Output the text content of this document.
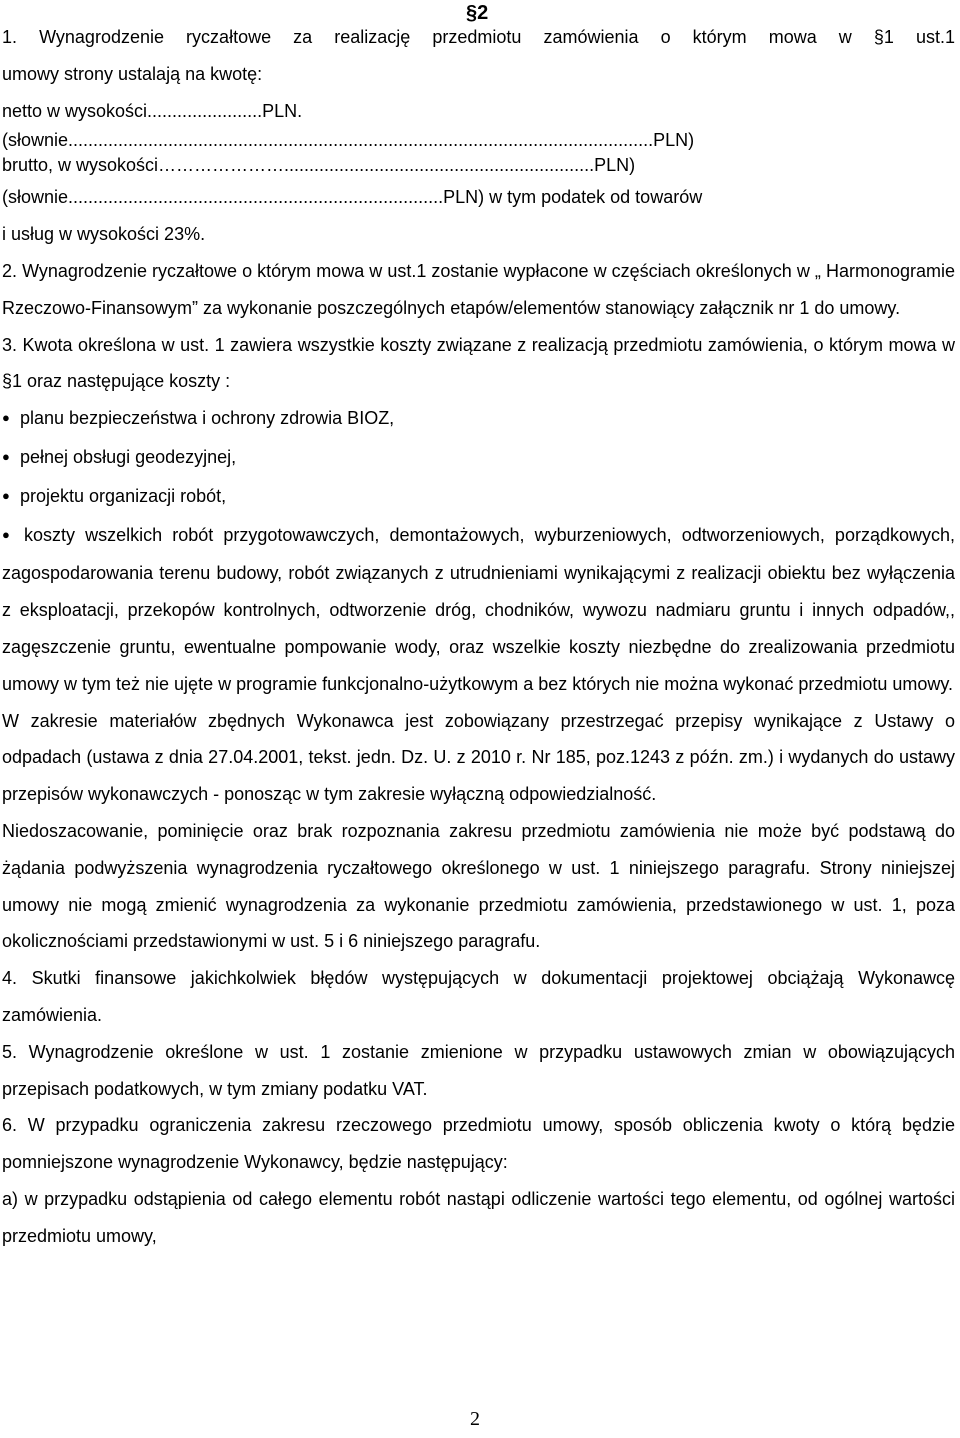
§2

1. Wynagrodzenie ryczałtowe za realizację przedmiotu zamówienia o którym mowa w §1 ust.1

umowy strony ustalają na kwotę:

netto w wysokości.......................PLN.

(słownie.....................................................................................................................PLN)

brutto, w wysokości…………………..............................................................PLN)

(słownie...........................................................................PLN) w tym podatek od towarów

i usług w wysokości 23%.

2. Wynagrodzenie ryczałtowe o którym mowa w ust.1 zostanie wypłacone w częściach określonych w „ Harmonogramie Rzeczowo-Finansowym” za wykonanie poszczególnych etapów/elementów stanowiący załącznik nr 1 do umowy.

3. Kwota określona w ust. 1 zawiera wszystkie koszty związane z realizacją przedmiotu zamówienia, o którym mowa w §1 oraz następujące koszty :

● planu bezpieczeństwa i ochrony zdrowia BIOZ,

● pełnej obsługi geodezyjnej,

● projektu organizacji robót,

● koszty wszelkich robót przygotowawczych, demontażowych, wyburzeniowych, odtworzeniowych, porządkowych, zagospodarowania terenu budowy, robót związanych z utrudnieniami wynikającymi z realizacji obiektu bez wyłączenia z eksploatacji, przekopów kontrolnych, odtworzenie dróg, chodników, wywozu nadmiaru gruntu i innych odpadów,, zagęszczenie gruntu, ewentualne pompowanie wody, oraz wszelkie koszty niezbędne do zrealizowania przedmiotu umowy w tym też nie ujęte w programie funkcjonalno-użytkowym a bez których nie można wykonać przedmiotu umowy.

W zakresie materiałów zbędnych Wykonawca jest zobowiązany przestrzegać przepisy wynikające z Ustawy o odpadach (ustawa z dnia 27.04.2001, tekst. jedn. Dz. U. z 2010 r. Nr 185, poz.1243 z późn. zm.) i wydanych do ustawy przepisów wykonawczych - ponosząc w tym zakresie wyłączną odpowiedzialność.

Niedoszacowanie, pominięcie oraz brak rozpoznania zakresu przedmiotu zamówienia nie może być podstawą do żądania podwyższenia wynagrodzenia ryczałtowego określonego w ust. 1 niniejszego paragrafu. Strony niniejszej umowy nie mogą zmienić wynagrodzenia za wykonanie przedmiotu zamówienia, przedstawionego w ust. 1, poza okolicznościami przedstawionymi w ust. 5 i 6 niniejszego paragrafu.

4. Skutki finansowe jakichkolwiek błędów występujących w dokumentacji projektowej obciążają Wykonawcę zamówienia.

5. Wynagrodzenie określone w ust. 1 zostanie zmienione w przypadku ustawowych zmian w obowiązujących przepisach podatkowych, w tym zmiany podatku VAT.

6. W przypadku ograniczenia zakresu rzeczowego przedmiotu umowy, sposób obliczenia kwoty o którą będzie pomniejszone wynagrodzenie Wykonawcy, będzie następujący:

a) w przypadku odstąpienia od całego elementu robót nastąpi odliczenie wartości tego elementu, od ogólnej wartości przedmiotu umowy,

2
